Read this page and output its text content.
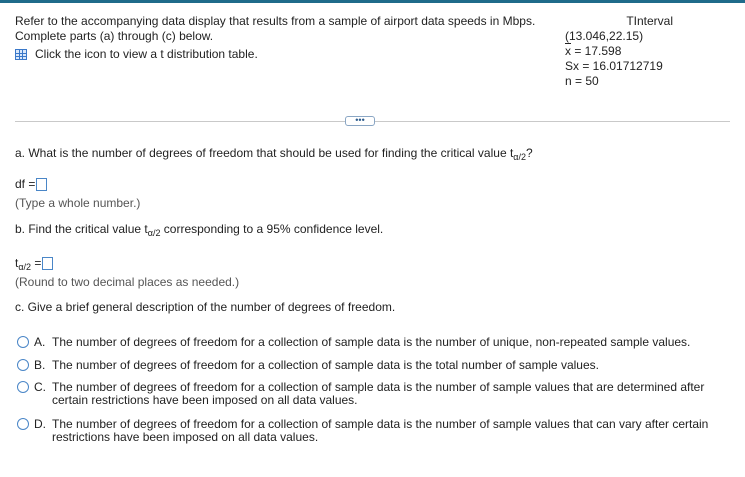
Refer to the accompanying data display that results from a sample of airport data speeds in Mbps.
Complete parts (a) through (c) below.
Click the icon to view a t distribution table.
TInterval
(13.046,22.15)
$\overline{x} = 17.598$
Sx = 16.01712719
n = 50
•••
a. What is the number of degrees of freedom that should be used for finding the critical value $t_{\alpha/2}$?
df =
(Type a whole number.)
b. Find the critical value $t_{\alpha/2}$ corresponding to a 95% confidence level.
$t_{\alpha/2}$ =
(Round to two decimal places as needed.)
c. Give a brief general description of the number of degrees of freedom.
A. The number of degrees of freedom for a collection of sample data is the number of unique, non-repeated sample values.
B. The number of degrees of freedom for a collection of sample data is the total number of sample values.
C. The number of degrees of freedom for a collection of sample data is the number of sample values that are determined after certain restrictions have been imposed on all data values.
D. The number of degrees of freedom for a collection of sample data is the number of sample values that can vary after certain restrictions have been imposed on all data values.
